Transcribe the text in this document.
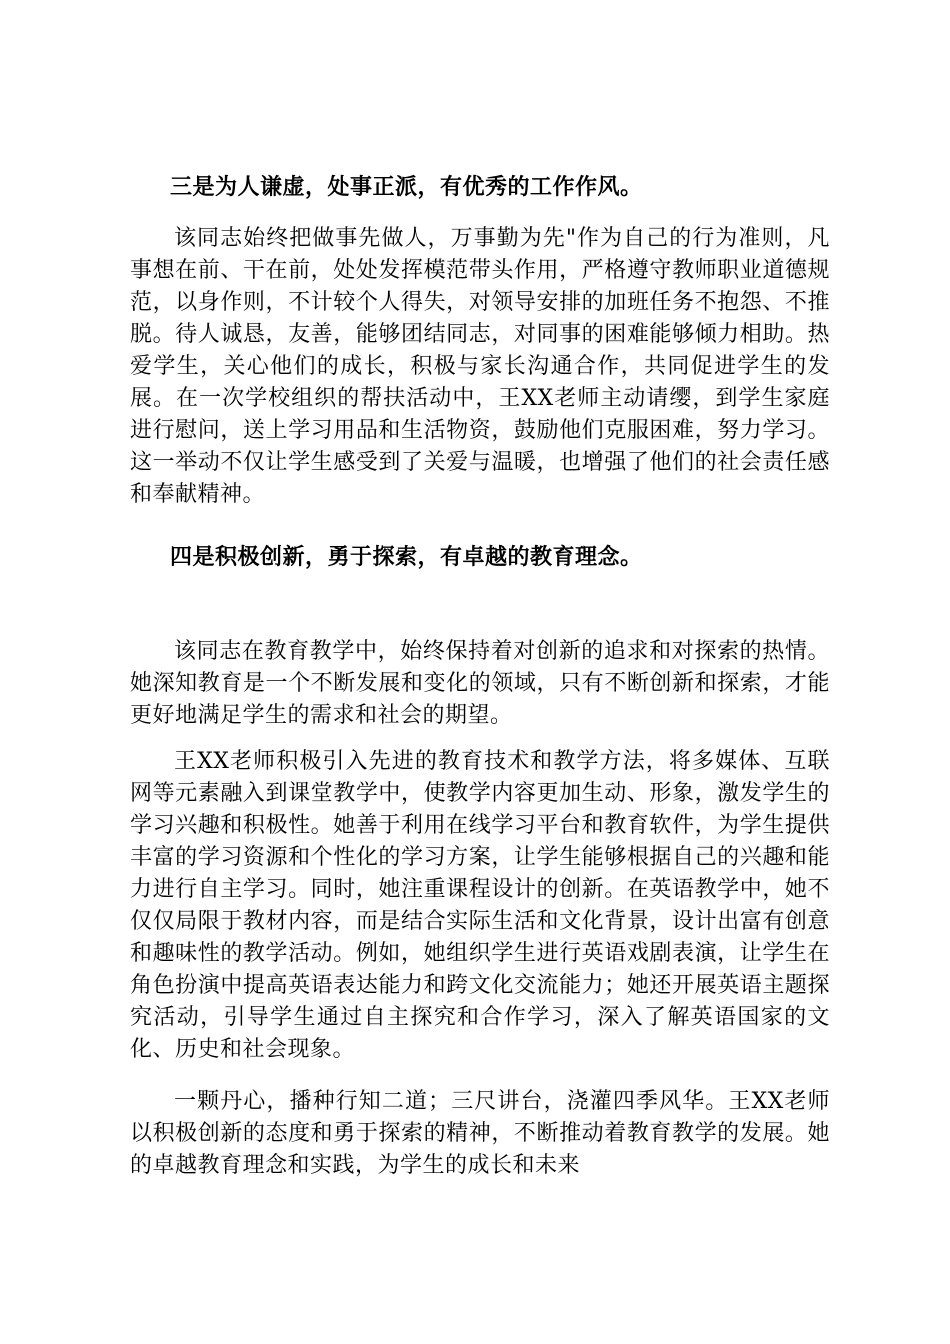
三是为人谦虚，处事正派，有优秀的工作作风。
该同志始终把做事先做人，万事勤为先"作为自己的行为准则，凡事想在前、干在前，处处发挥模范带头作用，严格遵守教师职业道德规范，以身作则，不计较个人得失，对领导安排的加班任务不抱怨、不推脱。待人诚恳，友善，能够团结同志，对同事的困难能够倾力相助。热爱学生，关心他们的成长，积极与家长沟通合作，共同促进学生的发展。在一次学校组织的帮扶活动中，王XX老师主动请缨，到学生家庭进行慰问，送上学习用品和生活物资，鼓励他们克服困难，努力学习。这一举动不仅让学生感受到了关爱与温暖，也增强了他们的社会责任感和奉献精神。
四是积极创新，勇于探索，有卓越的教育理念。
该同志在教育教学中，始终保持着对创新的追求和对探索的热情。她深知教育是一个不断发展和变化的领域，只有不断创新和探索，才能更好地满足学生的需求和社会的期望。
王XX老师积极引入先进的教育技术和教学方法，将多媒体、互联网等元素融入到课堂教学中，使教学内容更加生动、形象，激发学生的学习兴趣和积极性。她善于利用在线学习平台和教育软件，为学生提供丰富的学习资源和个性化的学习方案，让学生能够根据自己的兴趣和能力进行自主学习。同时，她注重课程设计的创新。在英语教学中，她不仅仅局限于教材内容，而是结合实际生活和文化背景，设计出富有创意和趣味性的教学活动。例如，她组织学生进行英语戏剧表演，让学生在角色扮演中提高英语表达能力和跨文化交流能力；她还开展英语主题探究活动，引导学生通过自主探究和合作学习，深入了解英语国家的文化、历史和社会现象。
一颗丹心，播种行知二道；三尺讲台，浇灌四季风华。王XX老师以积极创新的态度和勇于探索的精神，不断推动着教育教学的发展。她的卓越教育理念和实践，为学生的成长和未来
